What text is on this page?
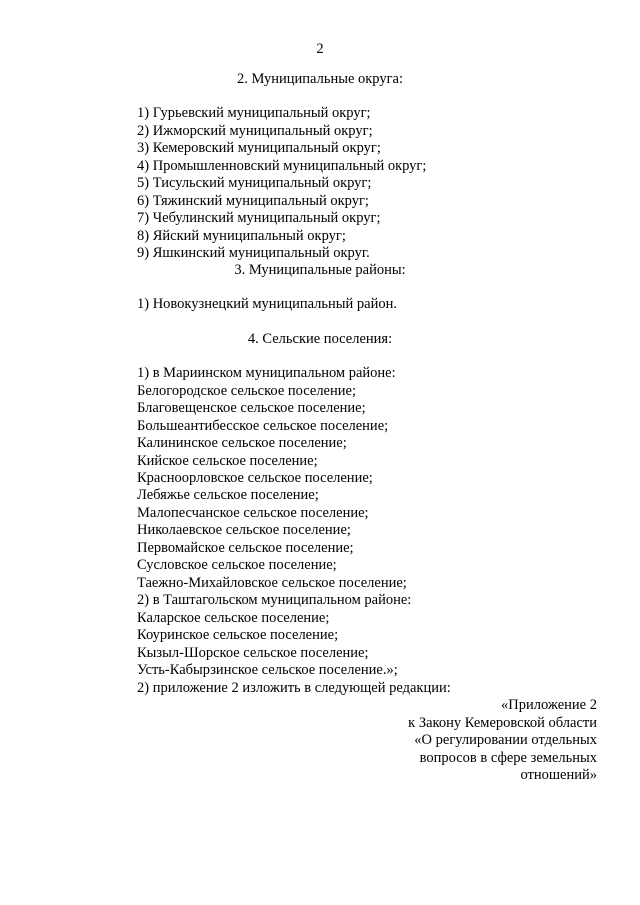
2
2. Муниципальные округа:
1) Гурьевский муниципальный округ;
2) Ижморский муниципальный округ;
3) Кемеровский муниципальный округ;
4) Промышленновский муниципальный округ;
5) Тисульский муниципальный округ;
6) Тяжинский муниципальный округ;
7) Чебулинский муниципальный округ;
8) Яйский муниципальный округ;
9) Яшкинский муниципальный округ.
3. Муниципальные районы:
1) Новокузнецкий муниципальный район.
4. Сельские поселения:
1) в Мариинском муниципальном районе:
Белогородское сельское поселение;
Благовещенское сельское поселение;
Большеантибесское сельское поселение;
Калининское сельское поселение;
Кийское сельское поселение;
Красноорловское сельское поселение;
Лебяжье сельское поселение;
Малопесчанское сельское поселение;
Николаевское сельское поселение;
Первомайское сельское поселение;
Сусловское сельское поселение;
Таежно-Михайловское сельское поселение;
2) в Таштагольском муниципальном районе:
Каларское сельское поселение;
Коуринское сельское поселение;
Кызыл-Шорское сельское поселение;
Усть-Кабырзинское сельское поселение.»;
2) приложение 2 изложить в следующей редакции:
«Приложение 2
к Закону Кемеровской области
«О регулировании отдельных
вопросов в сфере земельных
отношений»
